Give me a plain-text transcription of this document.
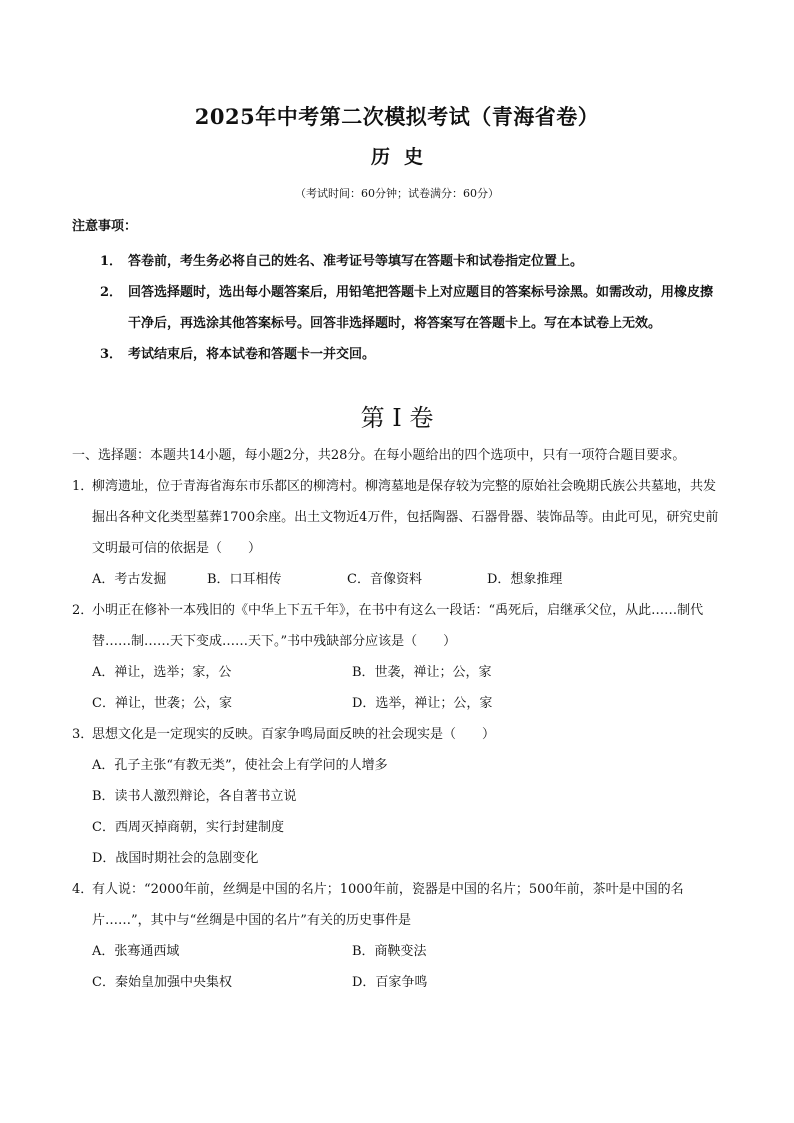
2025年中考第二次模拟考试（青海省卷）
历史
（考试时间：60分钟；试卷满分：60分）
注意事项：
1． 答卷前，考生务必将自己的姓名、准考证号等填写在答题卡和试卷指定位置上。
2． 回答选择题时，选出每小题答案后，用铅笔把答题卡上对应题目的答案标号涂黑。如需改动，用橡皮擦干净后，再选涂其他答案标号。回答非选择题时，将答案写在答题卡上。写在本试卷上无效。
3． 考试结束后，将本试卷和答题卡一并交回。
第 I 卷

一、选择题：本题共14小题，每小题2分，共28分。在每小题给出的四个选项中，只有一项符合题目要求。

1．
柳湾遗址，位于青海省海东市乐都区的柳湾村。柳湾墓地是保存较为完整的原始社会晚期氏族公共墓地，共发掘出各种文化类型墓葬1700余座。出土文物近4万件，包括陶器、石器骨器、装饰品等。由此可见，研究史前文明最可信的依据是（　　）
A．考古发掘	B．口耳相传	C．音像资料	D．想象推理
2．
小明正在修补一本残旧的《中华上下五千年》，在书中有这么一段话：“禹死后，启继承父位，从此……制代替……制……天下变成……天下。”书中残缺部分应该是（　　）
A．禅让，选举；家，公	B．世袭，禅让；公，家
C．禅让，世袭；公，家	D．选举，禅让；公，家
3．
思想文化是一定现实的反映。百家争鸣局面反映的社会现实是（　　）
A．孔子主张“有教无类”，使社会上有学问的人增多
B．读书人激烈辩论，各自著书立说
C．西周灭掉商朝，实行封建制度
D．战国时期社会的急剧变化
4．
有人说：“2000年前，丝绸是中国的名片；1000年前，瓷器是中国的名片；500年前，茶叶是中国的名片……”，其中与“丝绸是中国的名片”有关的历史事件是
A．张骞通西域	B．商鞅变法
C．秦始皇加强中央集权	D．百家争鸣
